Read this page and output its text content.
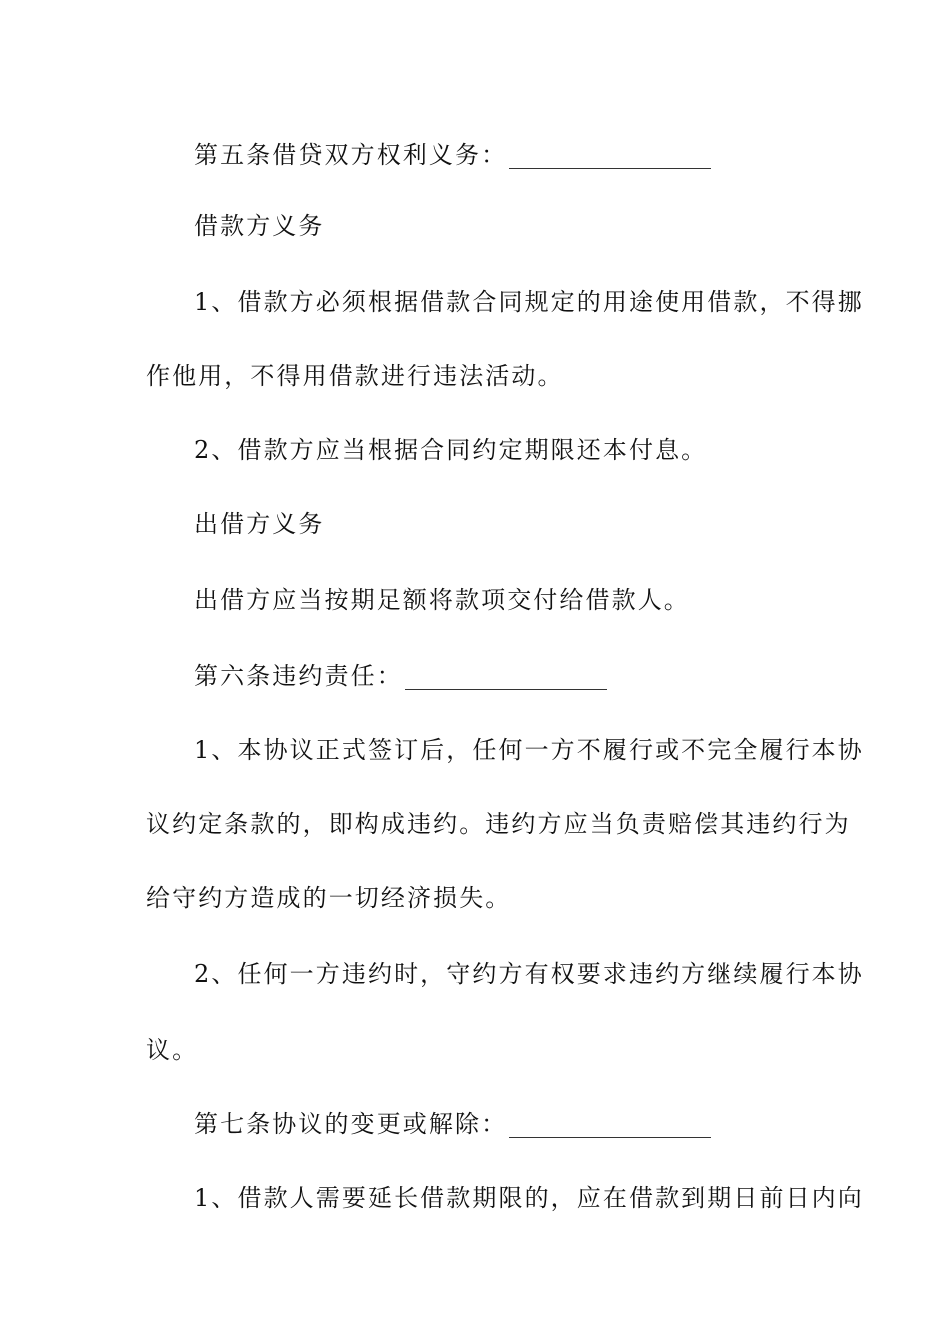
第五条借贷双方权利义务：
借款方义务
1、借款方必须根据借款合同规定的用途使用借款，不得挪
作他用，不得用借款进行违法活动。
2、借款方应当根据合同约定期限还本付息。
出借方义务
出借方应当按期足额将款项交付给借款人。
第六条违约责任：
1、本协议正式签订后，任何一方不履行或不完全履行本协
议约定条款的，即构成违约。违约方应当负责赔偿其违约行为
给守约方造成的一切经济损失。
2、任何一方违约时，守约方有权要求违约方继续履行本协
议。
第七条协议的变更或解除：
1、借款人需要延长借款期限的，应在借款到期日前日内向
